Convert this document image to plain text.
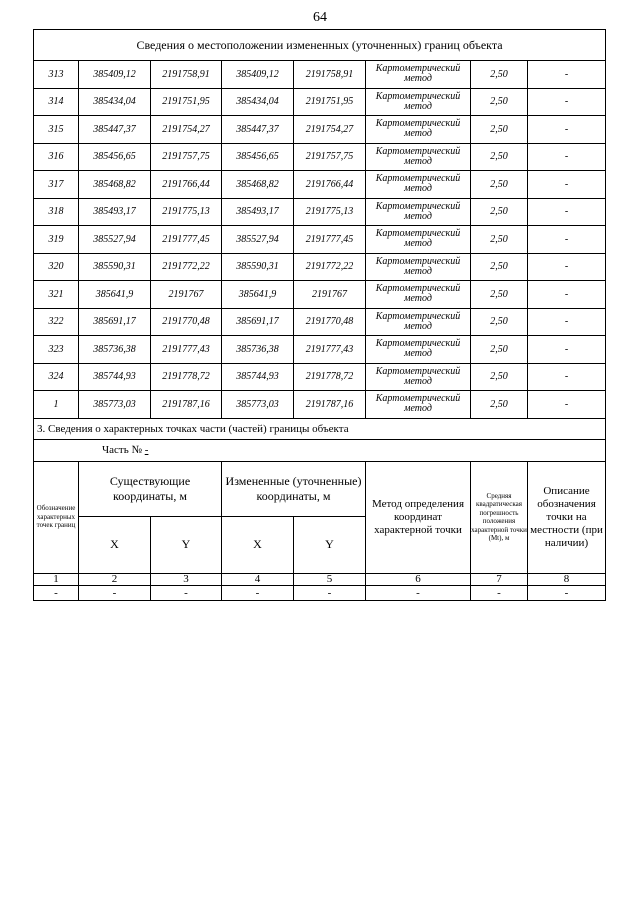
64
Сведения о местоположении измененных (уточненных) границ объекта							
313	385409,12	2191758,91	385409,12	2191758,91	Картометрический метод	2,50	-
314	385434,04	2191751,95	385434,04	2191751,95	Картометрический метод	2,50	-
315	385447,37	2191754,27	385447,37	2191754,27	Картометрический метод	2,50	-
316	385456,65	2191757,75	385456,65	2191757,75	Картометрический метод	2,50	-
317	385468,82	2191766,44	385468,82	2191766,44	Картометрический метод	2,50	-
318	385493,17	2191775,13	385493,17	2191775,13	Картометрический метод	2,50	-
319	385527,94	2191777,45	385527,94	2191777,45	Картометрический метод	2,50	-
320	385590,31	2191772,22	385590,31	2191772,22	Картометрический метод	2,50	-
321	385641,9	2191767	385641,9	2191767	Картометрический метод	2,50	-
322	385691,17	2191770,48	385691,17	2191770,48	Картометрический метод	2,50	-
323	385736,38	2191777,43	385736,38	2191777,43	Картометрический метод	2,50	-
324	385744,93	2191778,72	385744,93	2191778,72	Картометрический метод	2,50	-
1	385773,03	2191787,16	385773,03	2191787,16	Картометрический метод	2,50	-
3. Сведения о характерных точках части (частей) границы объекта							
Часть № -							
Обозначение характерных точек границ	Существующие координаты, м		Измененные (уточненные) координаты, м		Метод определения координат характерной точки	Средняя квадратическая погрешность положения характерной точки (Mt), м	Описание обозначения точки на местности (при наличии)
	X	Y	X	Y			
1	2	3	4	5	6	7	8
-	-	-	-	-	-	-	-
